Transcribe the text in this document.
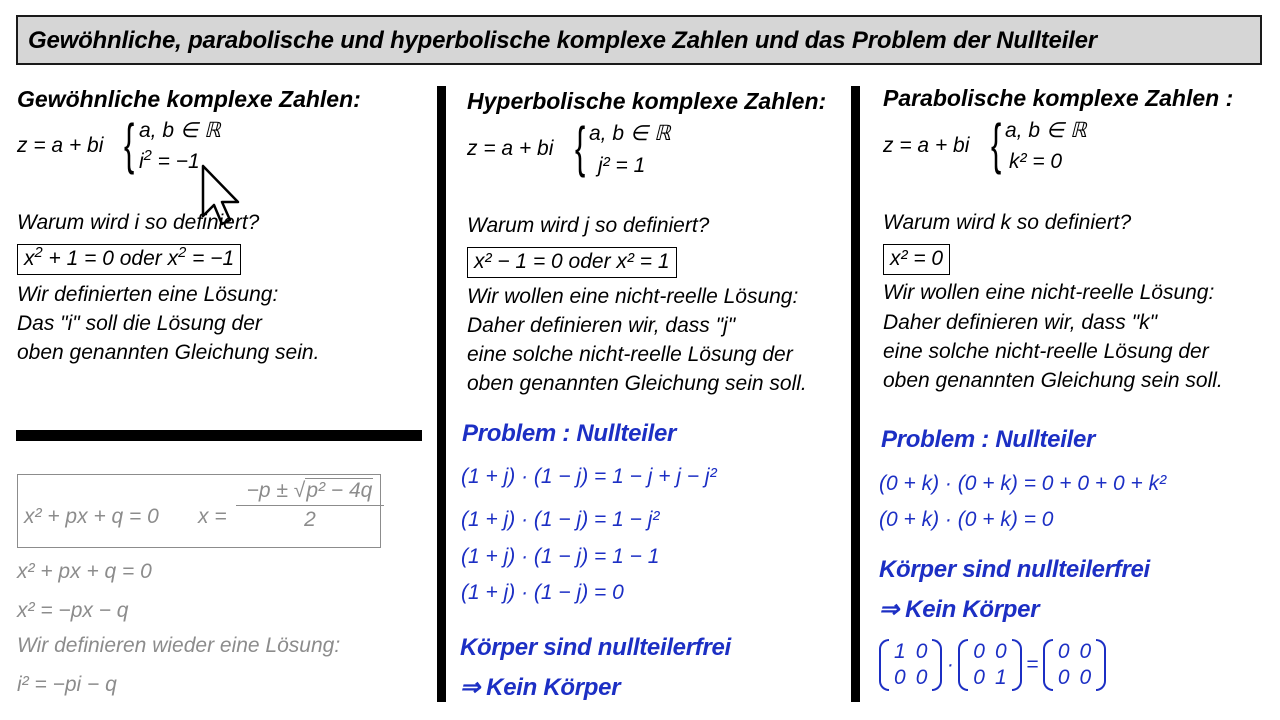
Gewöhnliche, parabolische und hyperbolische komplexe Zahlen und das Problem der Nullteiler
Gewöhnliche komplexe Zahlen:
z = a + bi { a, b ∈ ℝ
$i^2 = -1$
Warum wird i so definiert?
$x^2 + 1 = 0$ oder $x^2 = -1$
Wir definierten eine Lösung:
Das "i" soll die Lösung der
oben genannten Gleichung sein.
x² + px + q = 0 x =
−p ± √p² − 4q
2
x² + px + q = 0
x² = −px − q
Wir definieren wieder eine Lösung:
i² = −pi − q
Hyperbolische komplexe Zahlen:
z = a + bi { a, b ∈ ℝ
j² = 1
Warum wird j so definiert?
x² − 1 = 0 oder x² = 1
Wir wollen eine nicht-reelle Lösung:
Daher definieren wir, dass "j"
eine solche nicht-reelle Lösung der
oben genannten Gleichung sein soll.
Problem : Nullteiler
(1 + j) · (1 − j) = 1 − j + j − j²
(1 + j) · (1 − j) = 1 − j²
(1 + j) · (1 − j) = 1 − 1
(1 + j) · (1 − j) = 0
Körper sind nullteilerfrei
⇒ Kein Körper
Parabolische komplexe Zahlen :
z = a + bi { a, b ∈ ℝ
k² = 0
Warum wird k so definiert?
x² = 0
Wir wollen eine nicht-reelle Lösung:
Daher definieren wir, dass "k"
eine solche nicht-reelle Lösung der
oben genannten Gleichung sein soll.
Problem : Nullteiler
(0 + k) · (0 + k) = 0 + 0 + 0 + k²
(0 + k) · (0 + k) = 0
Körper sind nullteilerfrei
⇒ Kein Körper
1	0
0	0
·
0	0
0	1
=
0	0
0	0
